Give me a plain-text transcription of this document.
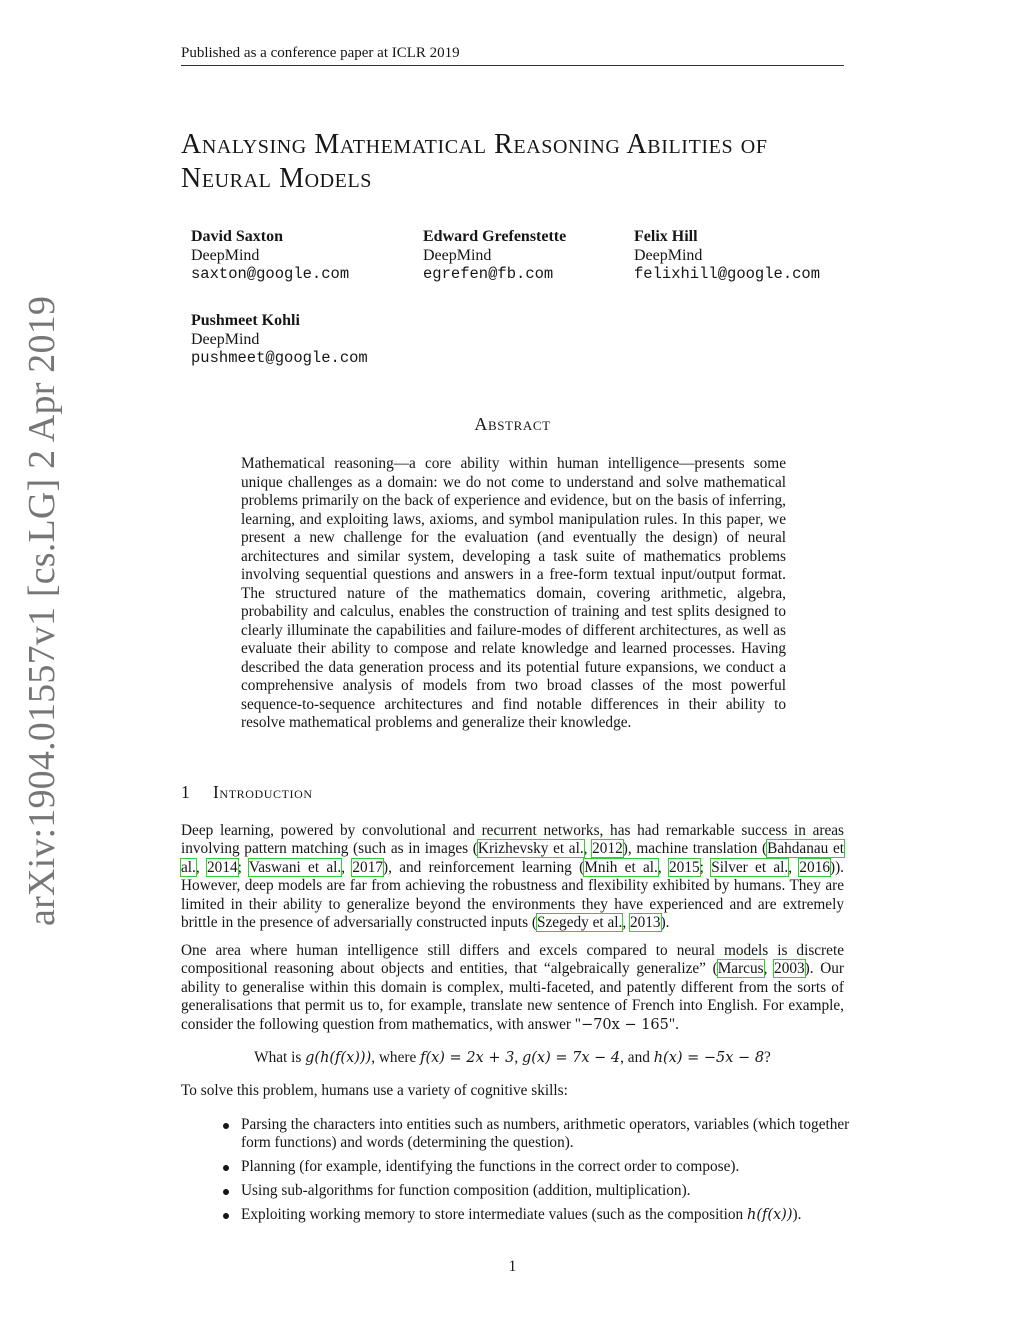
Published as a conference paper at ICLR 2019
arXiv:1904.01557v1 [cs.LG] 2 Apr 2019
Analysing Mathematical Reasoning Abilities of Neural Models
David Saxton
DeepMind
saxton@google.com
Edward Grefenstette
DeepMind
egrefen@fb.com
Felix Hill
DeepMind
felixhill@google.com
Pushmeet Kohli
DeepMind
pushmeet@google.com
Abstract

Mathematical reasoning—a core ability within human intelligence—presents some unique challenges as a domain: we do not come to understand and solve mathematical problems primarily on the back of experience and evidence, but on the basis of inferring, learning, and exploiting laws, axioms, and symbol manipulation rules. In this paper, we present a new challenge for the evaluation (and eventually the design) of neural architectures and similar system, developing a task suite of mathematics problems involving sequential questions and answers in a free-form textual input/output format. The structured nature of the mathematics domain, covering arithmetic, algebra, probability and calculus, enables the construction of training and test splits designed to clearly illuminate the capabilities and failure-modes of different architectures, as well as evaluate their ability to compose and relate knowledge and learned processes. Having described the data generation process and its potential future expansions, we conduct a comprehensive analysis of models from two broad classes of the most powerful sequence-to-sequence architectures and find notable differences in their ability to resolve mathematical problems and generalize their knowledge.

1 Introduction

Deep learning, powered by convolutional and recurrent networks, has had remarkable success in areas involving pattern matching (such as in images (Krizhevsky et al., 2012), machine translation (Bahdanau et al., 2014; Vaswani et al., 2017), and reinforcement learning (Mnih et al., 2015; Silver et al., 2016)). However, deep models are far from achieving the robustness and flexibility exhibited by humans. They are limited in their ability to generalize beyond the environments they have experienced and are extremely brittle in the presence of adversarially constructed inputs (Szegedy et al., 2013).

One area where human intelligence still differs and excels compared to neural models is discrete compositional reasoning about objects and entities, that “algebraically generalize” (Marcus, 2003). Our ability to generalise within this domain is complex, multi-faceted, and patently different from the sorts of generalisations that permit us to, for example, translate new sentence of French into English. For example, consider the following question from mathematics, with answer "−70x − 165".

What is g(h(f(x))), where f(x) = 2x + 3, g(x) = 7x − 4, and h(x) = −5x − 8?

To solve this problem, humans use a variety of cognitive skills:

Parsing the characters into entities such as numbers, arithmetic operators, variables (which together form functions) and words (determining the question).
Planning (for example, identifying the functions in the correct order to compose).
Using sub-algorithms for function composition (addition, multiplication).
Exploiting working memory to store intermediate values (such as the composition h(f(x))).
1
